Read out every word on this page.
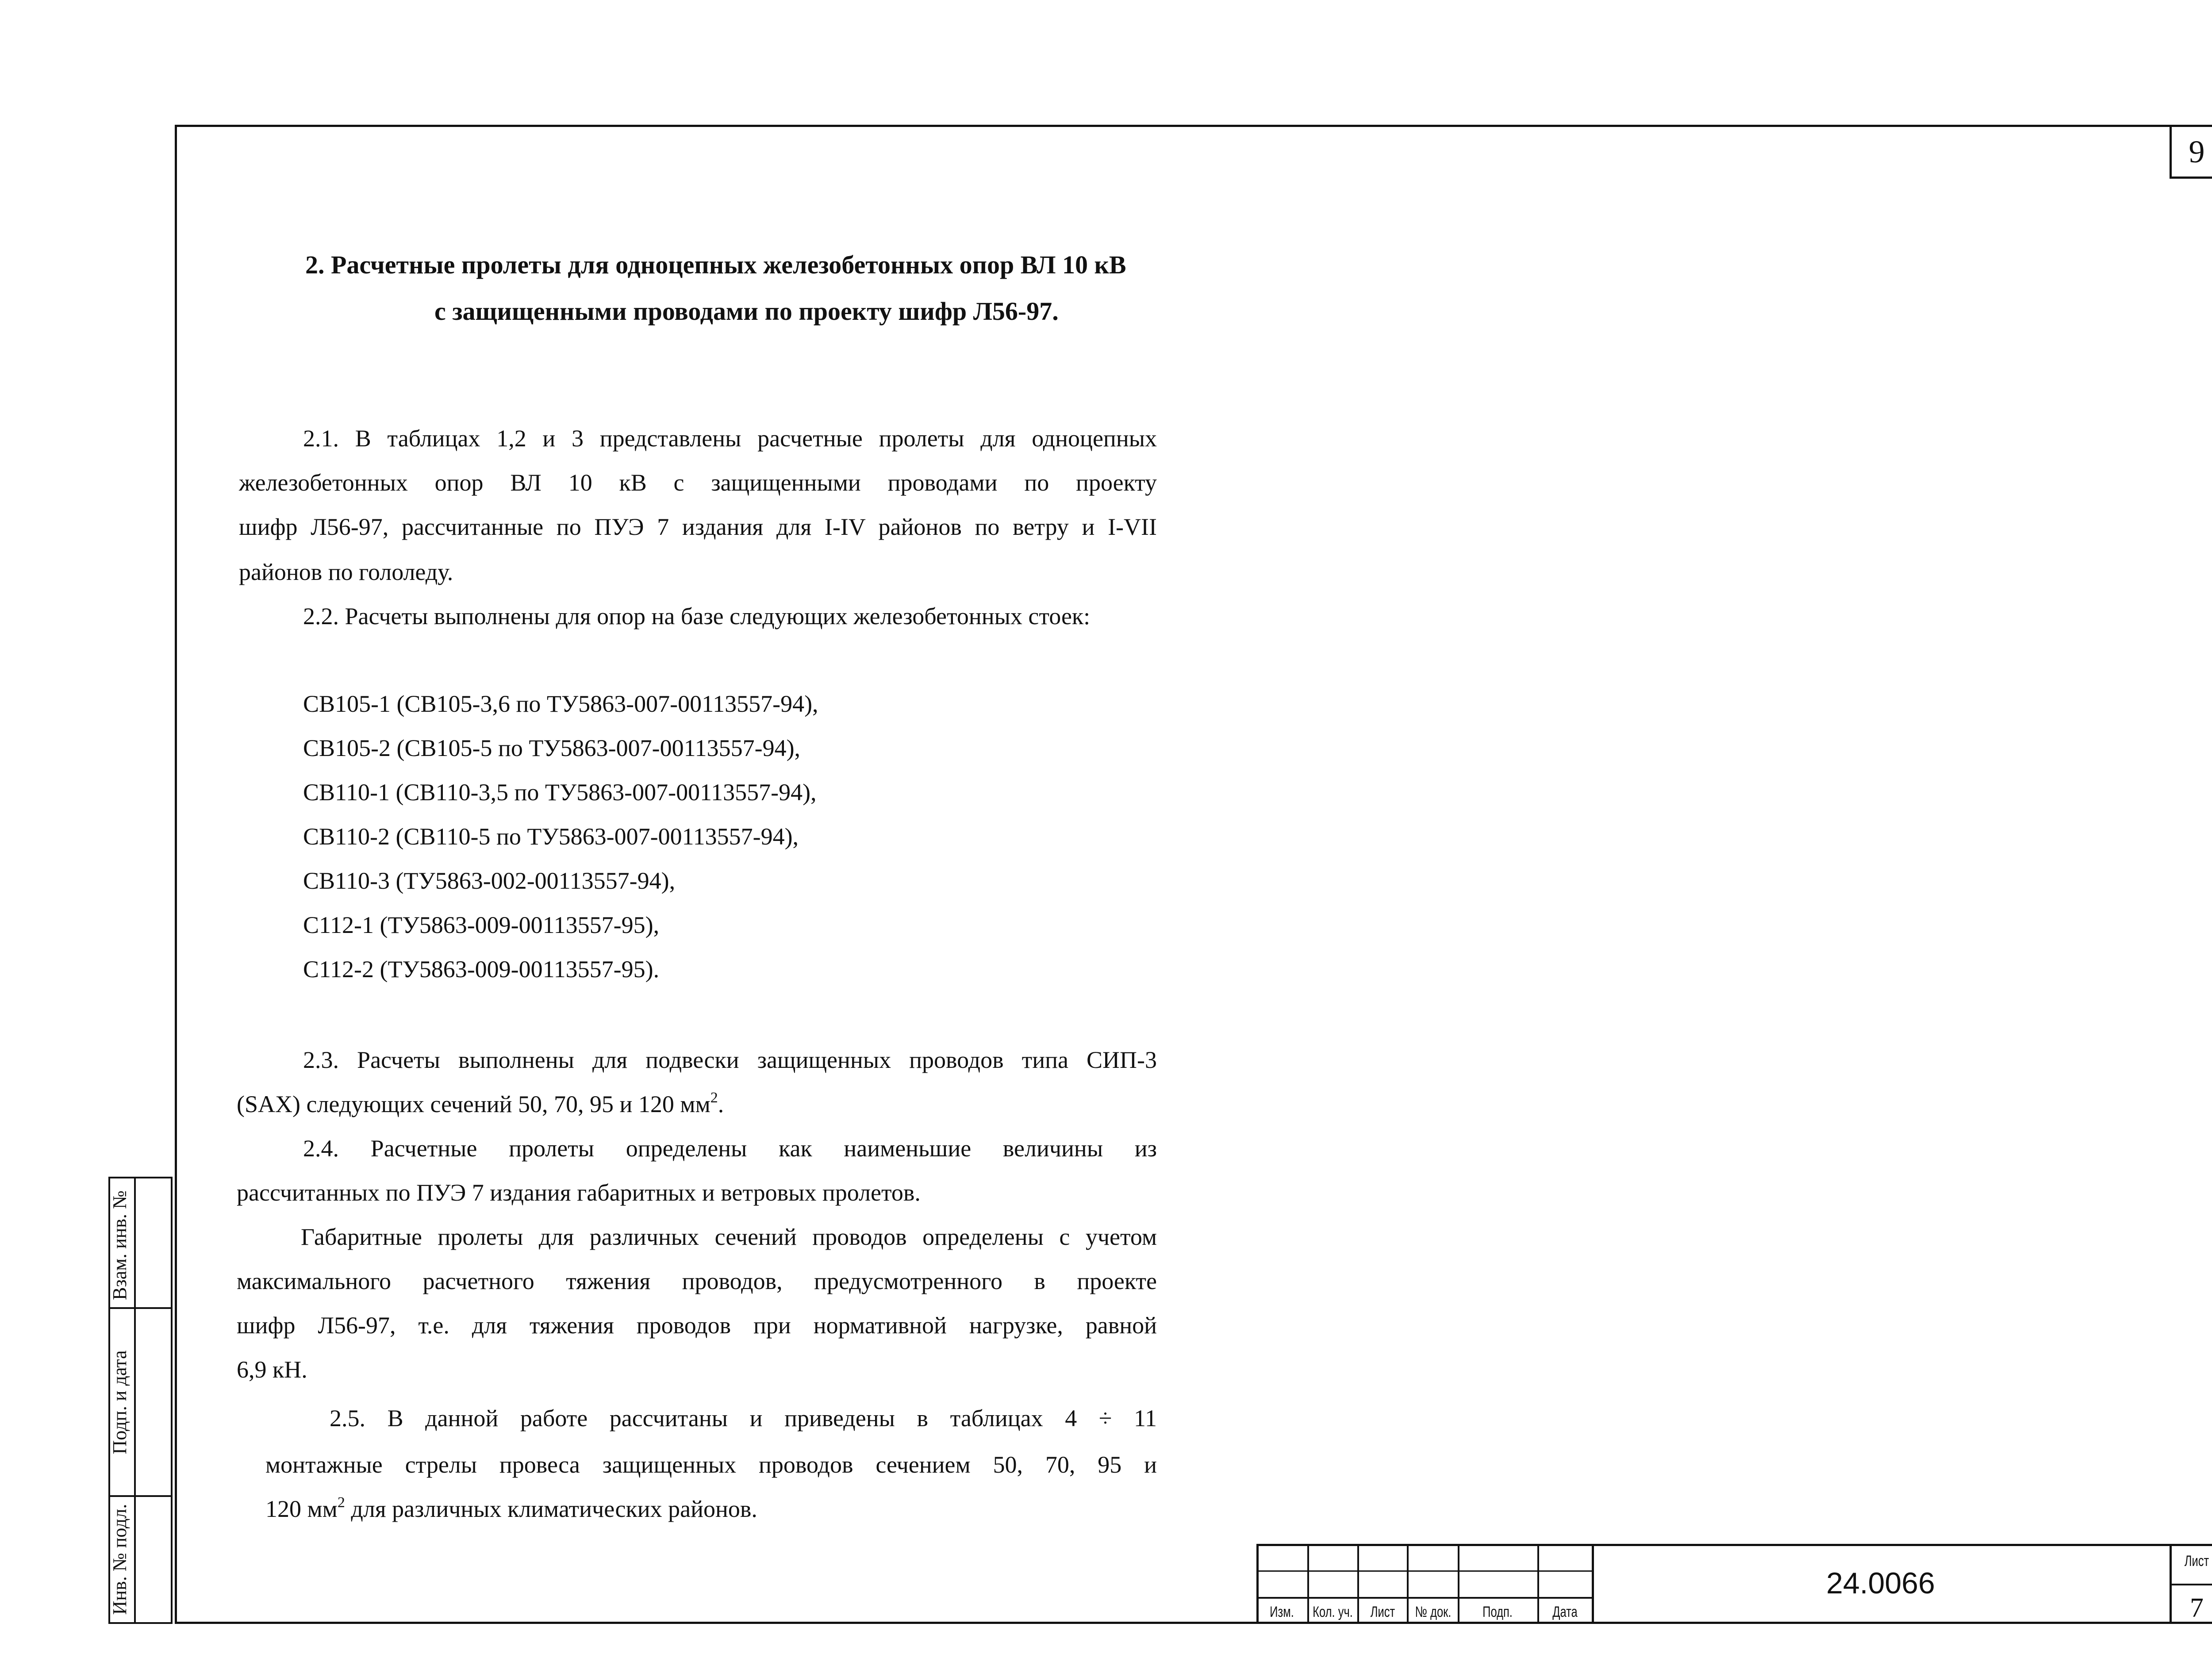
9
2. Расчетные пролеты для одноцепных железобетонных опор ВЛ 10 кВ
с защищенными проводами по проекту шифр Л56-97.
2.1. В таблицах 1,2 и 3 представлены расчетные пролеты для одноцепных
железобетонных опор ВЛ 10 кВ с защищенными проводами по проекту
шифр Л56-97, рассчитанные по ПУЭ 7 издания для I-IV районов по ветру и I-VII
районов по гололеду.
2.2. Расчеты выполнены для опор на базе следующих железобетонных стоек:
СВ105-1 (СВ105-3,6 по ТУ5863-007-00113557-94),
СВ105-2 (СВ105-5 по ТУ5863-007-00113557-94),
СВ110-1 (СВ110-3,5 по ТУ5863-007-00113557-94),
СВ110-2 (СВ110-5 по ТУ5863-007-00113557-94),
СВ110-3 (ТУ5863-002-00113557-94),
С112-1 (ТУ5863-009-00113557-95),
С112-2 (ТУ5863-009-00113557-95).
2.3. Расчеты выполнены для подвески защищенных проводов типа СИП-3
(SAX) следующих сечений 50, 70, 95 и 120 $мм^2$.
2.4. Расчетные пролеты определены как наименьшие величины из
рассчитанных по ПУЭ 7 издания габаритных и ветровых пролетов.
Габаритные пролеты для различных сечений проводов определены с учетом
максимального расчетного тяжения проводов, предусмотренного в проекте
шифр Л56-97, т.е. для тяжения проводов при нормативной нагрузке, равной
6,9 кН.
2.5. В данной работе рассчитаны и приведены в таблицах 4 ÷ 11
монтажные стрелы провеса защищенных проводов сечением 50, 70, 95 и
120 $мм^2$ для различных климатических районов.
Взам. инв. №
Подп. и дата
Инв. № подл.	Изм.	Кол. уч.	Лист	№ док.	Подп.	Дата
24.0066
Лист
7
